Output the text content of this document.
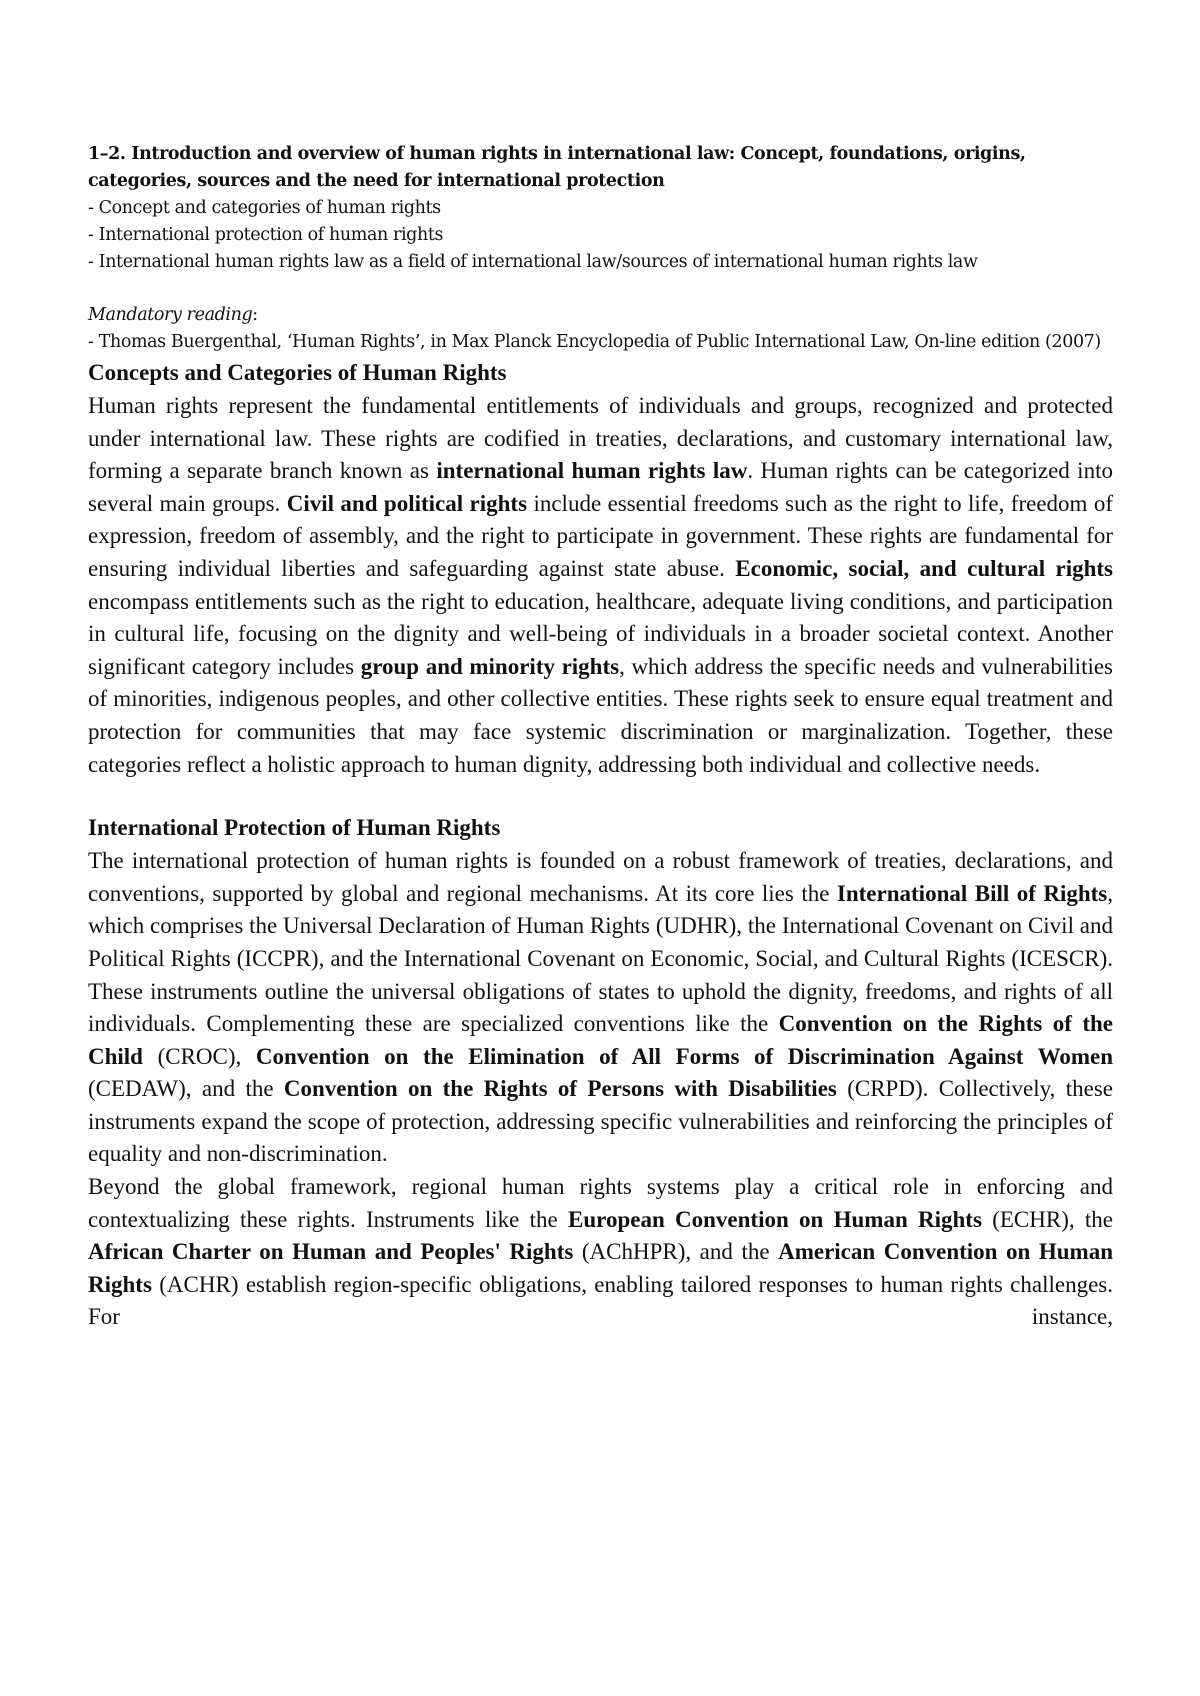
1–2. Introduction and overview of human rights in international law: Concept, foundations, origins, categories, sources and the need for international protection
- Concept and categories of human rights
- International protection of human rights
- International human rights law as a field of international law/sources of international human rights law
Mandatory reading:
- Thomas Buergenthal, ‘Human Rights’, in Max Planck Encyclopedia of Public International Law, On-line edition (2007)
Concepts and Categories of Human Rights

Human rights represent the fundamental entitlements of individuals and groups, recognized and protected under international law. These rights are codified in treaties, declarations, and customary international law, forming a separate branch known as international human rights law. Human rights can be categorized into several main groups. Civil and political rights include essential freedoms such as the right to life, freedom of expression, freedom of assembly, and the right to participate in government. These rights are fundamental for ensuring individual liberties and safeguarding against state abuse. Economic, social, and cultural rights encompass entitlements such as the right to education, healthcare, adequate living conditions, and participation in cultural life, focusing on the dignity and well-being of individuals in a broader societal context. Another significant category includes group and minority rights, which address the specific needs and vulnerabilities of minorities, indigenous peoples, and other collective entities. These rights seek to ensure equal treatment and protection for communities that may face systemic discrimination or marginalization. Together, these categories reflect a holistic approach to human dignity, addressing both individual and collective needs.

International Protection of Human Rights

The international protection of human rights is founded on a robust framework of treaties, declarations, and conventions, supported by global and regional mechanisms. At its core lies the International Bill of Rights, which comprises the Universal Declaration of Human Rights (UDHR), the International Covenant on Civil and Political Rights (ICCPR), and the International Covenant on Economic, Social, and Cultural Rights (ICESCR). These instruments outline the universal obligations of states to uphold the dignity, freedoms, and rights of all individuals. Complementing these are specialized conventions like the Convention on the Rights of the Child (CROC), Convention on the Elimination of All Forms of Discrimination Against Women (CEDAW), and the Convention on the Rights of Persons with Disabilities (CRPD). Collectively, these instruments expand the scope of protection, addressing specific vulnerabilities and reinforcing the principles of equality and non-discrimination.

Beyond the global framework, regional human rights systems play a critical role in enforcing and contextualizing these rights. Instruments like the European Convention on Human Rights (ECHR), the African Charter on Human and Peoples' Rights (AChHPR), and the American Convention on Human Rights (ACHR) establish region-specific obligations, enabling tailored responses to human rights challenges. For instance,
